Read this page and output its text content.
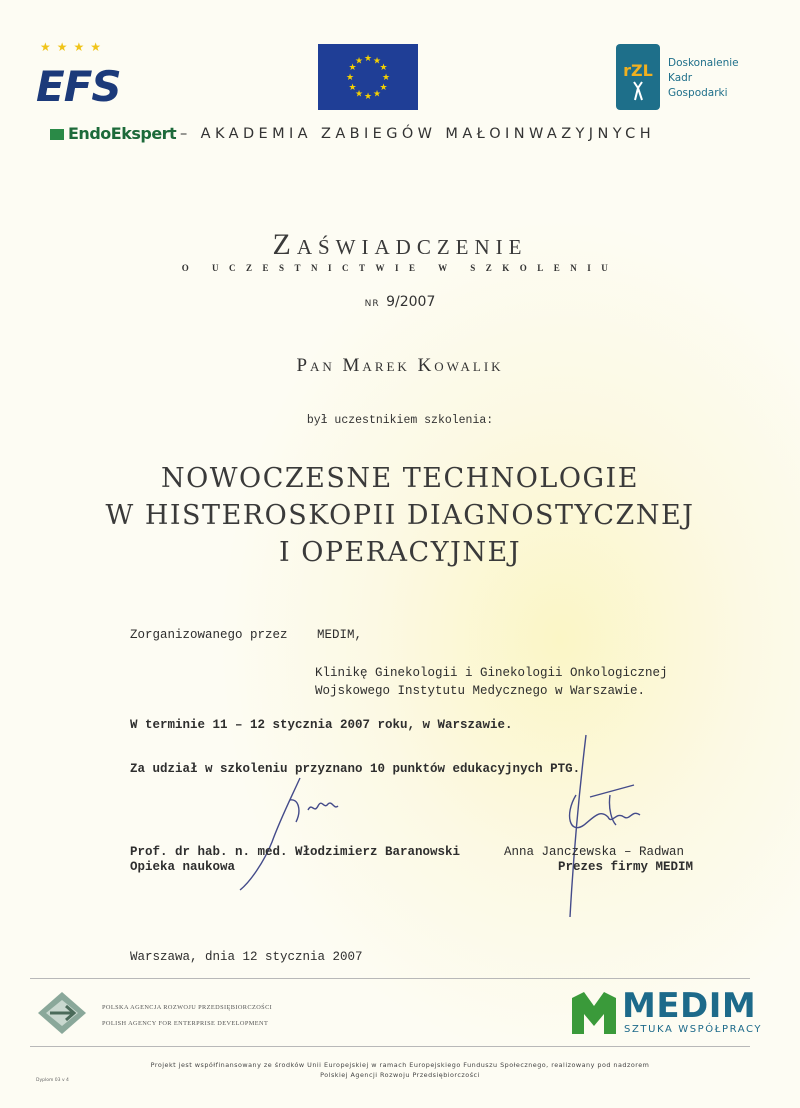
★★★★
EFS
★ ★
★
★
★
★
★
★
★
★
★
★	rZL Doskonalenie
Kadr
Gospodarki
EndoEkspert – AKADEMIA ZABIEGÓW MAŁOINWAZYJNYCH
Zaświadczenie
O UCZESTNICTWIE W SZKOLENIU
NR 9/2007
Pan Marek Kowalik
był uczestnikiem szkolenia:
NOWOCZESNE TECHNOLOGIE
W HISTEROSKOPII DIAGNOSTYCZNEJ
I OPERACYJNEJ
Zorganizowanego przez MEDIM,
Klinikę Ginekologii i Ginekologii Onkologicznej
Wojskowego Instytutu Medycznego w Warszawie.
W terminie 11 – 12 stycznia 2007 roku, w Warszawie.
Za udział w szkoleniu przyznano 10 punktów edukacyjnych PTG.
Prof. dr hab. n. med. Włodzimierz Baranowski
Opieka naukowa
Anna Janczewska – Radwan
Prezes firmy MEDIM
Warszawa, dnia 12 stycznia 2007
POLSKA AGENCJA ROZWOJU PRZEDSIĘBIORCZOŚCI
POLISH AGENCY FOR ENTERPRISE DEVELOPMENT	MEDIM
SZTUKA WSPÓŁPRACY
Projekt jest współfinansowany ze środków Unii Europejskiej w ramach Europejskiego Funduszu Społecznego, realizowany pod nadzorem
Polskiej Agencji Rozwoju Przedsiębiorczości
Dyplom 03 v 4
